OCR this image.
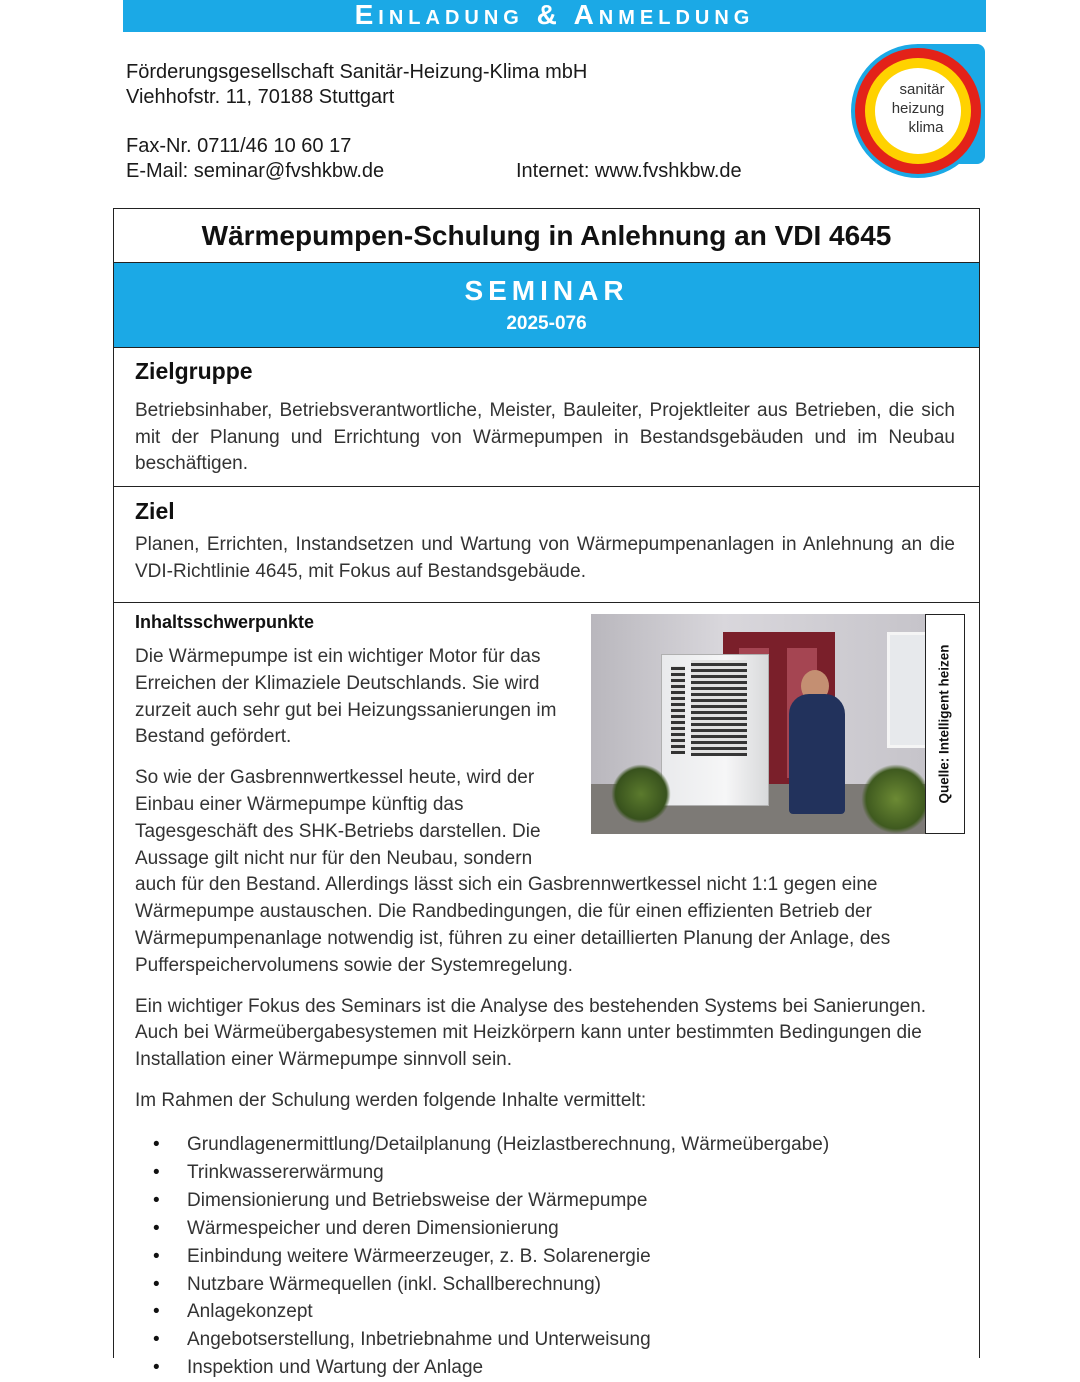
Einladung & Anmeldung
Förderungsgesellschaft Sanitär-Heizung-Klima mbH
Viehhofstr. 11, 70188 Stuttgart
Fax-Nr. 0711/46 10 60 17
E-Mail: seminar@fvshkbw.de	Internet: www.fvshkbw.de
sanitär
heizung
klima
Wärmepumpen-Schulung in Anlehnung an VDI 4645
SEMINAR
2025-076
Zielgruppe
Betriebsinhaber, Betriebsverantwortliche, Meister, Bauleiter, Projektleiter aus Betrieben, die sich mit der Planung und Errichtung von Wärmepumpen in Bestandsgebäuden und im Neubau beschäftigen.
Ziel
Planen, Errichten, Instandsetzen und Wartung von Wärmepumpenanlagen in Anlehnung an die VDI-Richtlinie 4645, mit Fokus auf Bestandsgebäude.
Inhaltsschwerpunkte
Quelle: Intelligent heizen

Die Wärmepumpe ist ein wichtiger Motor für das Erreichen der Klimaziele Deutschlands. Sie wird zurzeit auch sehr gut bei Heizungssanierungen im Bestand gefördert.

So wie der Gasbrennwertkessel heute, wird der Einbau einer Wärmepumpe künftig das Tagesgeschäft des SHK-Betriebs darstellen. Die Aussage gilt nicht nur für den Neubau, sondern auch für den Bestand. Allerdings lässt sich ein Gasbrennwertkessel nicht 1:1 gegen eine Wärmepumpe austauschen. Die Randbedingungen, die für einen effizienten Betrieb der Wärmepumpenanlage notwendig ist, führen zu einer detaillierten Planung der Anlage, des Pufferspeichervolumens sowie der Systemregelung.

Ein wichtiger Fokus des Seminars ist die Analyse des bestehenden Systems bei Sanierungen. Auch bei Wärmeübergabesystemen mit Heizkörpern kann unter bestimmten Bedingungen die Installation einer Wärmepumpe sinnvoll sein.

Im Rahmen der Schulung werden folgende Inhalte vermittelt:

• Grundlagenermittlung/Detailplanung (Heizlastberechnung, Wärmeübergabe)
• Trinkwassererwärmung
• Dimensionierung und Betriebsweise der Wärmepumpe
• Wärmespeicher und deren Dimensionierung
• Einbindung weitere Wärmeerzeuger, z. B. Solarenergie
• Nutzbare Wärmequellen (inkl. Schallberechnung)
• Anlagekonzept
• Angebotserstellung, Inbetriebnahme und Unterweisung
• Inspektion und Wartung der Anlage
